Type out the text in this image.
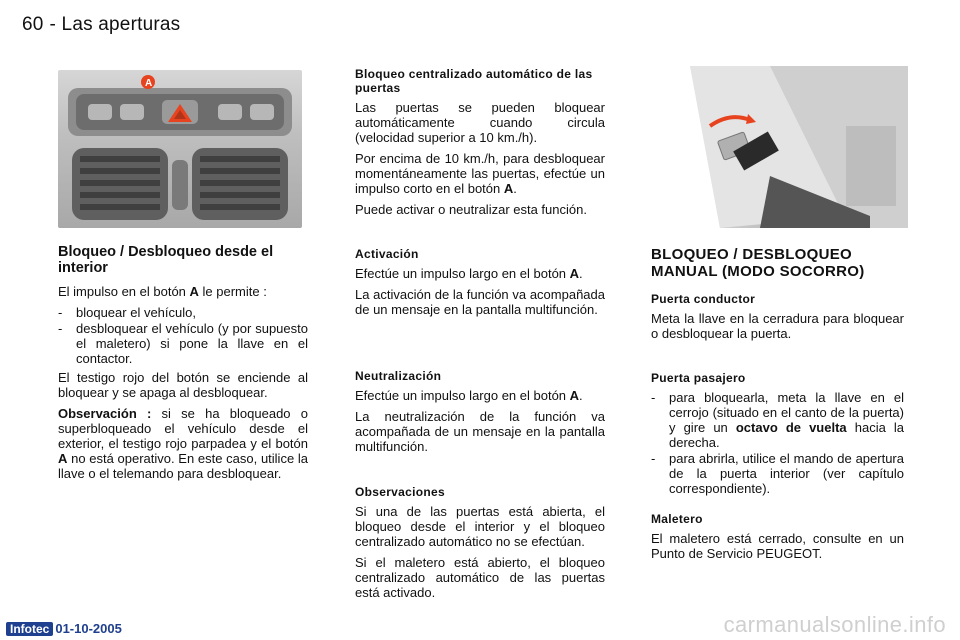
60 - Las aperturas
A
Bloqueo / Desbloqueo desde el interior

El impulso en el botón A le permite :

- bloquear el vehículo,
- desbloquear el vehículo (y por supuesto el maletero) si pone la llave en el contactor.

El testigo rojo del botón se enciende al bloquear y se apaga al desbloquear.

Observación : si se ha bloqueado o superbloqueado el vehículo desde el exterior, el testigo rojo parpadea y el botón A no está operativo. En este caso, utilice la llave o el telemando para desbloquear.

Bloqueo centralizado automático de las puertas

Las puertas se pueden bloquear automáticamente cuando circula (velocidad superior a 10 km./h).

Por encima de 10 km./h, para desbloquear momentáneamente las puertas, efectúe un impulso corto en el botón A.

Puede activar o neutralizar esta función.

Activación

Efectúe un impulso largo en el botón A.

La activación de la función va acompañada de un mensaje en la pantalla multifunción.

Neutralización

Efectúe un impulso largo en el botón A.

La neutralización de la función va acompañada de un mensaje en la pantalla multifunción.

Observaciones

Si una de las puertas está abierta, el bloqueo desde el interior y el bloqueo centralizado automático no se efectúan.

Si el maletero está abierto, el bloqueo centralizado automático de las puertas está activado.

BLOQUEO / DESBLOQUEO MANUAL (MODO SOCORRO)
Puerta conductor

Meta la llave en la cerradura para bloquear o desbloquear la puerta.

Puerta pasajero
- para bloquearla, meta la llave en el cerrojo (situado en el canto de la puerta) y gire un octavo de vuelta hacia la derecha.
- para abrirla, utilice el mando de apertura de la puerta interior (ver capítulo correspondiente).
Maletero

El maletero está cerrado, consulte en un Punto de Servicio PEUGEOT.

Infotec 01-10-2005	carmanualsonline.info
